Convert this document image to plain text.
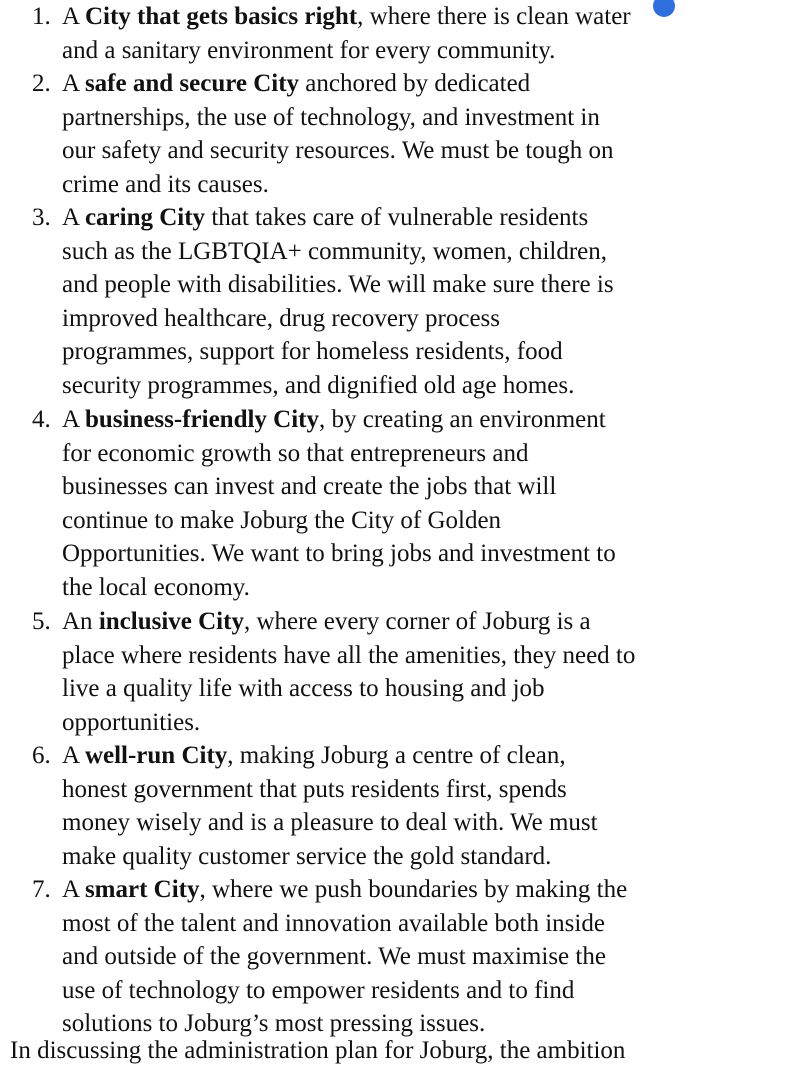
1. A City that gets basics right, where there is clean water
and a sanitary environment for every community.
2. A safe and secure City anchored by dedicated
partnerships, the use of technology, and investment in
our safety and security resources. We must be tough on
crime and its causes.
3. A caring City that takes care of vulnerable residents
such as the LGBTQIA+ community, women, children,
and people with disabilities. We will make sure there is
improved healthcare, drug recovery process
programmes, support for homeless residents, food
security programmes, and dignified old age homes.
4. A business-friendly City, by creating an environment
for economic growth so that entrepreneurs and
businesses can invest and create the jobs that will
continue to make Joburg the City of Golden
Opportunities. We want to bring jobs and investment to
the local economy.
5. An inclusive City, where every corner of Joburg is a
place where residents have all the amenities, they need to
live a quality life with access to housing and job
opportunities.
6. A well-run City, making Joburg a centre of clean,
honest government that puts residents first, spends
money wisely and is a pleasure to deal with. We must
make quality customer service the gold standard.
7. A smart City, where we push boundaries by making the
most of the talent and innovation available both inside
and outside of the government. We must maximise the
use of technology to empower residents and to find
solutions to Joburg’s most pressing issues.
In discussing the administration plan for Joburg, the ambition
